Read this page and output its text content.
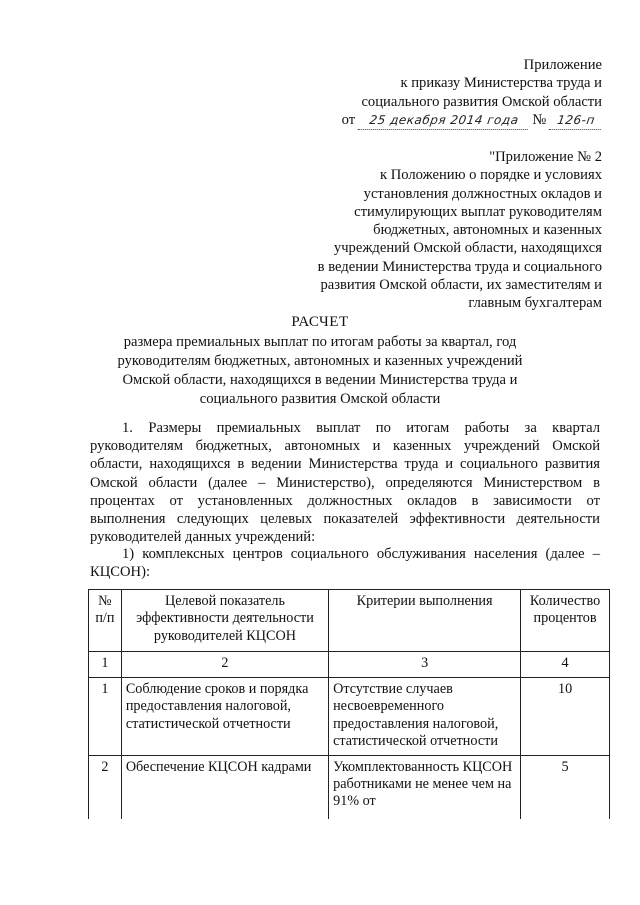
Приложение
к приказу Министерства труда и
социального развития Омской области
от 25 декабря 2014 года № 126-п
"Приложение № 2
к Положению о порядке и условиях
установления должностных окладов и
стимулирующих выплат руководителям
бюджетных, автономных и казенных
учреждений Омской области, находящихся
в ведении Министерства труда и социального
развития Омской области, их заместителям и
главным бухгалтерам
РАСЧЕТ
размера премиальных выплат по итогам работы за квартал, год
руководителям бюджетных, автономных и казенных учреждений
Омской области, находящихся в ведении Министерства труда и
социального развития Омской области
1. Размеры премиальных выплат по итогам работы за квартал руководителям бюджетных, автономных и казенных учреждений Омской области, находящихся в ведении Министерства труда и социального развития Омской области (далее – Министерство), определяются Министерством в процентах от установленных должностных окладов в зависимости от выполнения следующих целевых показателей эффективности деятельности руководителей данных учреждений:
1) комплексных центров социального обслуживания населения (далее – КЦСОН):
№ п/п	Целевой показатель эффективности деятельности руководителей КЦСОН	Критерии выполнения	Количество процентов
1	2	3	4
1	Соблюдение сроков и порядка предоставления налоговой, статистической отчетности	Отсутствие случаев несвоевременного предоставления налоговой, статистической отчетности	10
2	Обеспечение КЦСОН кадрами	Укомплектованность КЦСОН работниками не менее чем на 91% от	5
